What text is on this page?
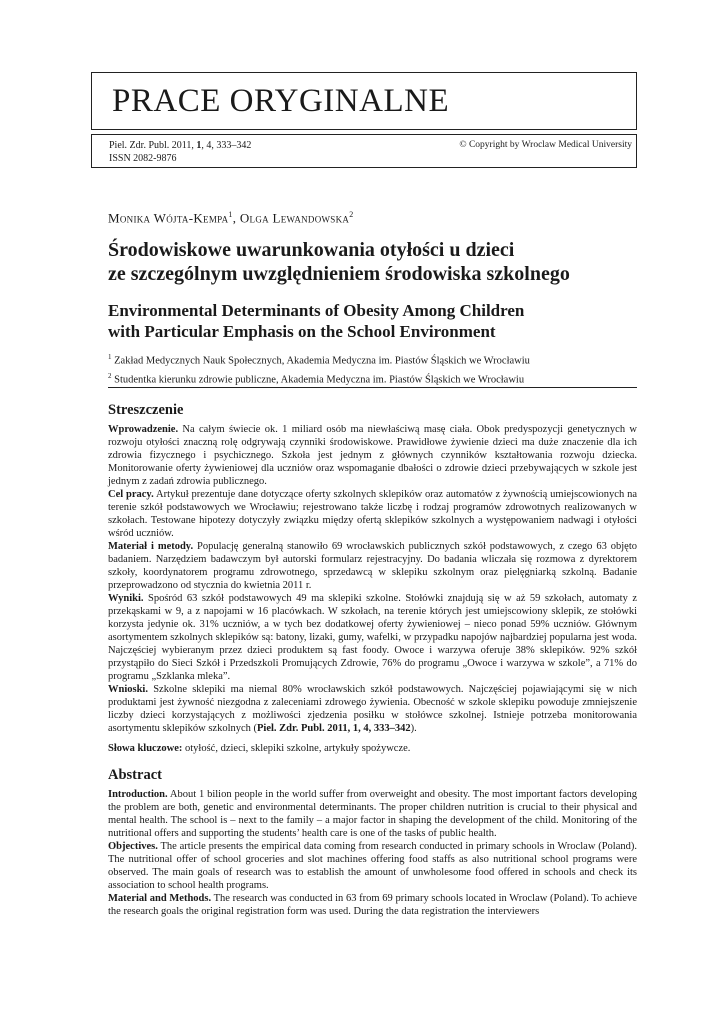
PRACE ORYGINALNE
Piel. Zdr. Publ. 2011, 1, 4, 333–342
ISSN 2082-9876
© Copyright by Wroclaw Medical University
Monika Wójta-Kempa$^1$, Olga Lewandowska$^2$
Środowiskowe uwarunkowania otyłości u dzieci
ze szczególnym uwzględnieniem środowiska szkolnego
Environmental Determinants of Obesity Among Children
with Particular Emphasis on the School Environment
$^1$ Zakład Medycznych Nauk Społecznych, Akademia Medyczna im. Piastów Śląskich we Wrocławiu
$^2$ Studentka kierunku zdrowie publiczne, Akademia Medyczna im. Piastów Śląskich we Wrocławiu
Streszczenie

Wprowadzenie. Na całym świecie ok. 1 miliard osób ma niewłaściwą masę ciała. Obok predyspozycji genetycznych w rozwoju otyłości znaczną rolę odgrywają czynniki środowiskowe. Prawidłowe żywienie dzieci ma duże znaczenie dla ich zdrowia fizycznego i psychicznego. Szkoła jest jednym z głównych czynników kształtowania rozwoju dziecka. Monitorowanie oferty żywieniowej dla uczniów oraz wspomaganie dbałości o zdrowie dzieci przebywających w szkole jest jednym z zadań zdrowia publicznego.

Cel pracy. Artykuł prezentuje dane dotyczące oferty szkolnych sklepików oraz automatów z żywnością umiejscowionych na terenie szkół podstawowych we Wrocławiu; rejestrowano także liczbę i rodzaj programów zdrowotnych realizowanych w szkołach. Testowane hipotezy dotyczyły związku między ofertą sklepików szkolnych a występowaniem nadwagi i otyłości wśród uczniów.

Materiał i metody. Populację generalną stanowiło 69 wrocławskich publicznych szkół podstawowych, z czego 63 objęto badaniem. Narzędziem badawczym był autorski formularz rejestracyjny. Do badania wliczała się rozmowa z dyrektorem szkoły, koordynatorem programu zdrowotnego, sprzedawcą w sklepiku szkolnym oraz pielęgniarką szkolną. Badanie przeprowadzono od stycznia do kwietnia 2011 r.

Wyniki. Spośród 63 szkół podstawowych 49 ma sklepiki szkolne. Stołówki znajdują się w aż 59 szkołach, automaty z przekąskami w 9, a z napojami w 16 placówkach. W szkołach, na terenie których jest umiejscowiony sklepik, ze stołówki korzysta jedynie ok. 31% uczniów, a w tych bez dodatkowej oferty żywieniowej – nieco ponad 59% uczniów. Głównym asortymentem szkolnych sklepików są: batony, lizaki, gumy, wafelki, w przypadku napojów najbardziej popularna jest woda. Najczęściej wybieranym przez dzieci produktem są fast foody. Owoce i warzywa oferuje 38% sklepików. 92% szkół przystąpiło do Sieci Szkół i Przedszkoli Promujących Zdrowie, 76% do programu „Owoce i warzywa w szkole”, a 71% do programu „Szklanka mleka”.

Wnioski. Szkolne sklepiki ma niemal 80% wrocławskich szkół podstawowych. Najczęściej pojawiającymi się w nich produktami jest żywność niezgodna z zaleceniami zdrowego żywienia. Obecność w szkole sklepiku powoduje zmniejszenie liczby dzieci korzystających z możliwości zjedzenia posiłku w stołówce szkolnej. Istnieje potrzeba monitorowania asortymentu sklepików szkolnych (Piel. Zdr. Publ. 2011, 1, 4, 333–342).

Słowa kluczowe: otyłość, dzieci, sklepiki szkolne, artykuły spożywcze.

Abstract

Introduction. About 1 bilion people in the world suffer from overweight and obesity. The most important factors developing the problem are both, genetic and environmental determinants. The proper children nutrition is crucial to their physical and mental health. The school is – next to the family – a major factor in shaping the development of the child. Monitoring of the nutritional offers and supporting the students’ health care is one of the tasks of public health.

Objectives. The article presents the empirical data coming from research conducted in primary schools in Wroclaw (Poland). The nutritional offer of school groceries and slot machines offering food staffs as also nutritional school programs were observed. The main goals of research was to establish the amount of unwholesome food offered in schools and check its association to school health programs.

Material and Methods. The research was conducted in 63 from 69 primary schools located in Wroclaw (Poland). To achieve the research goals the original registration form was used. During the data registration the interviewers
